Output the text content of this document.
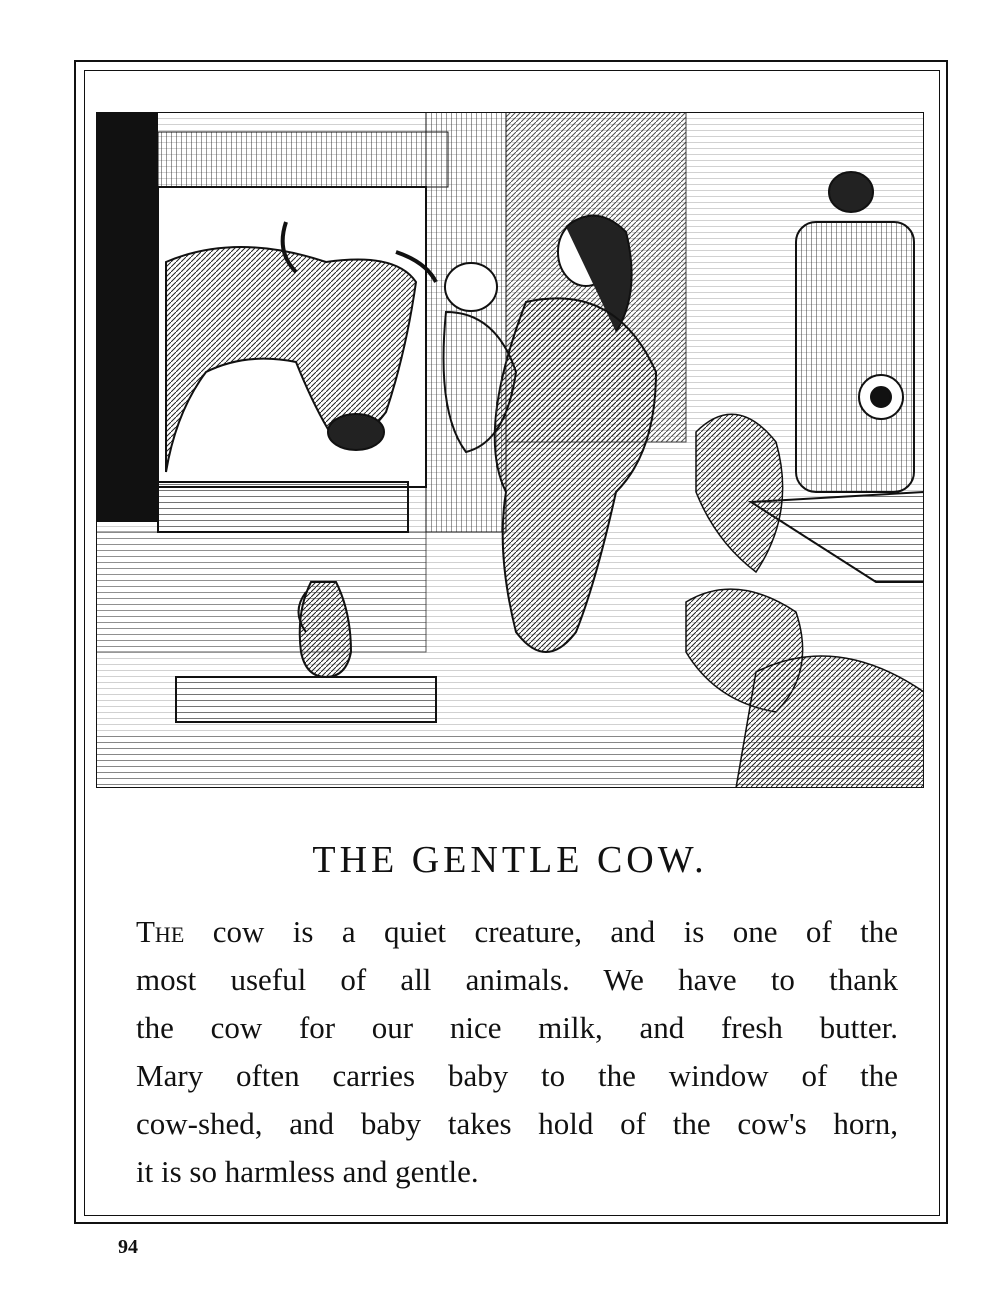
THE GENTLE COW.

The cow is a quiet creature, and is one of the
most useful of all animals. We have to thank
the cow for our nice milk, and fresh butter.
Mary often carries baby to the window of the
cow-shed, and baby takes hold of the cow's horn,
it is so harmless and gentle.

94
